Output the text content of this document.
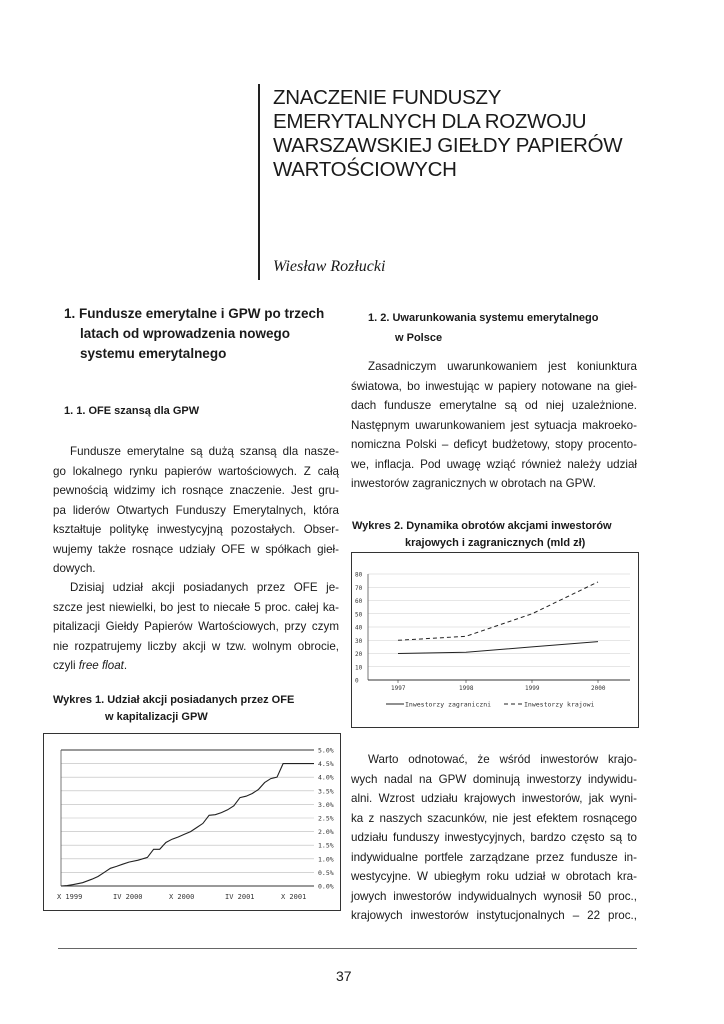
ZNACZENIE FUNDUSZY
EMERYTALNYCH DLA ROZWOJU
WARSZAWSKIEJ GIEŁDY PAPIERÓW
WARTOŚCIOWYCH
Wiesław Rozłucki
1. Fundusze emerytalne i GPW po trzech
latach od wprowadzenia nowego
systemu emerytalnego
1. 1. OFE szansą dla GPW
Fundusze emerytalne są dużą szansą dla nasze-
go lokalnego rynku papierów wartościowych. Z całą
pewnością widzimy ich rosnące znaczenie. Jest gru-
pa liderów Otwartych Funduszy Emerytalnych, która
kształtuje politykę inwestycyjną pozostałych. Obser-
wujemy także rosnące udziały OFE w spółkach gieł-
dowych.
Dzisiaj udział akcji posiadanych przez OFE je-
szcze jest niewielki, bo jest to niecałe 5 proc. całej ka-
pitalizacji Giełdy Papierów Wartościowych, przy czym
nie rozpatrujemy liczby akcji w tzw. wolnym obrocie,
czyli free float.
Wykres 1. Udział akcji posiadanych przez OFE
w kapitalizacji GPW
0.0%
0.5%
1.0%
1.5%
2.0%
2.5%
3.0%
3.5%
4.0%
4.5%
5.0%
X 1999	IV 2000	X 2000	IV 2001	X 2001
1. 2. Uwarunkowania systemu emerytalnego
w Polsce
Zasadniczym uwarunkowaniem jest koniunktura
światowa, bo inwestując w papiery notowane na gieł-
dach fundusze emerytalne są od niej uzależnione.
Następnym uwarunkowaniem jest sytuacja makroeko-
nomiczna Polski – deficyt budżetowy, stopy procento-
we, inflacja. Pod uwagę wziąć również należy udział
inwestorów zagranicznych w obrotach na GPW.
Wykres 2. Dynamika obrotów akcjami inwestorów
krajowych i zagranicznych (mld zł)
0
10
20
30
40
50
60
70
80
1997	1998	1999	2000
Inwestorzy zagraniczni	Inwestorzy krajowi
Warto odnotować, że wśród inwestorów krajo-
wych nadal na GPW dominują inwestorzy indywidu-
alni. Wzrost udziału krajowych inwestorów, jak wyni-
ka z naszych szacunków, nie jest efektem rosnącego
udziału funduszy inwestycyjnych, bardzo często są to
indywidualne portfele zarządzane przez fundusze in-
westycyjne. W ubiegłym roku udział w obrotach kra-
jowych inwestorów indywidualnych wynosił 50 proc.,
krajowych inwestorów instytucjonalnych – 22 proc.,
37
